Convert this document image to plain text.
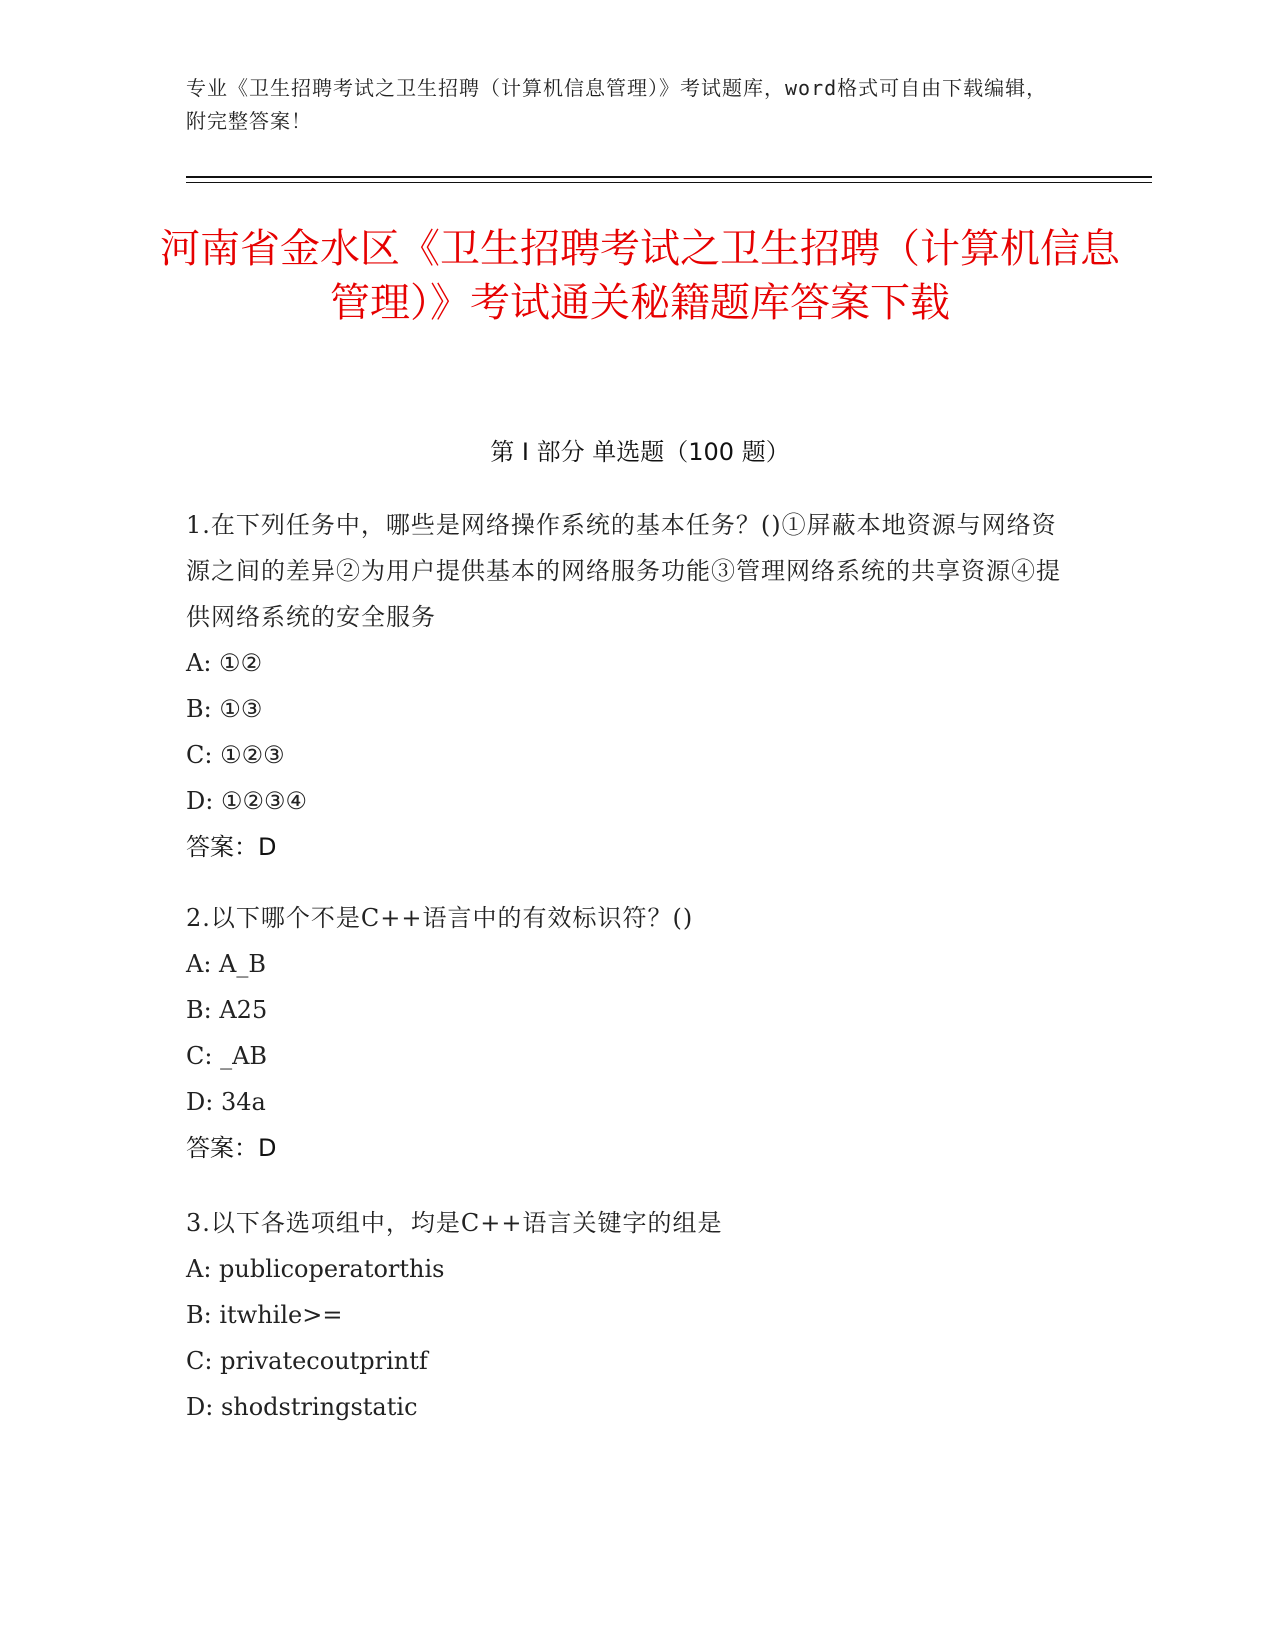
专业《卫生招聘考试之卫生招聘（计算机信息管理）》考试题库，word格式可自由下载编辑，附完整答案！
河南省金水区《卫生招聘考试之卫生招聘（计算机信息管理）》考试通关秘籍题库答案下载
第 I 部分 单选题（100 题）
1.在下列任务中，哪些是网络操作系统的基本任务？()①屏蔽本地资源与网络资源之间的差异②为用户提供基本的网络服务功能③管理网络系统的共享资源④提供网络系统的安全服务
A: ①②
B: ①③
C: ①②③
D: ①②③④
答案：D
2.以下哪个不是C++语言中的有效标识符？()
A: A_B
B: A25
C: _AB
D: 34a
答案：D
3.以下各选项组中，均是C++语言关键字的组是
A: publicoperatorthis
B: itwhile>=
C: privatecoutprintf
D: shodstringstatic
